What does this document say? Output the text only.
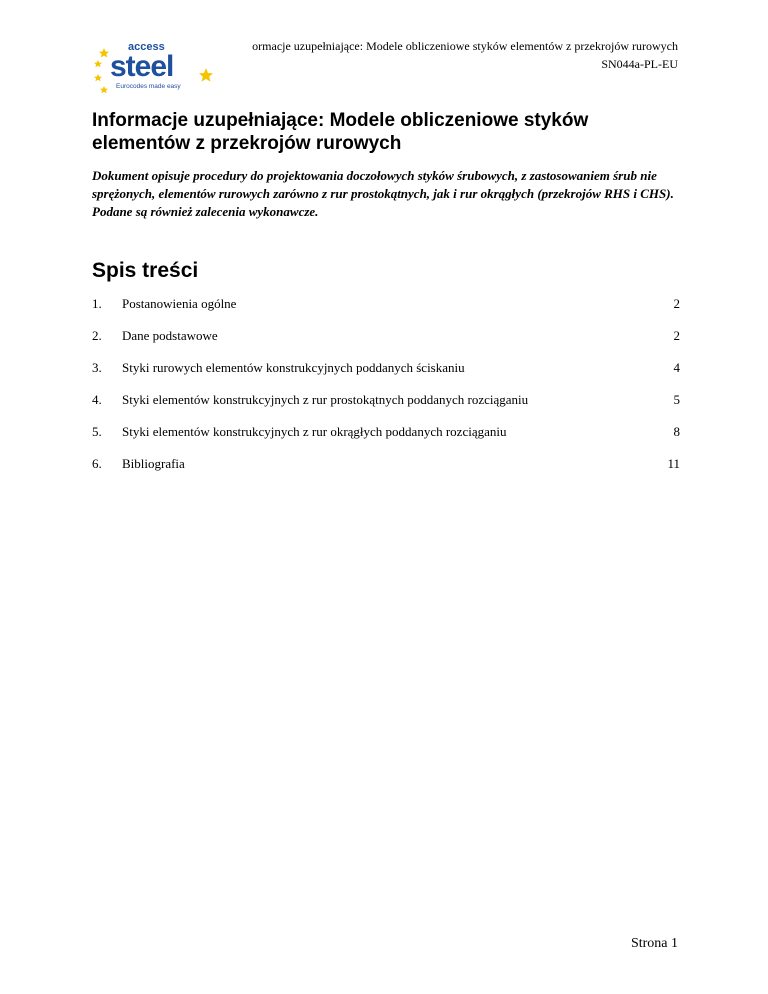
access
steel
Eurocodes made easy
ormacje uzupełniające: Modele obliczeniowe styków elementów z przekrojów rurowych
SN044a-PL-EU
Informacje uzupełniające: Modele obliczeniowe styków elementów z przekrojów rurowych

Dokument opisuje procedury do projektowania doczołowych styków śrubowych, z zastosowaniem śrub nie sprężonych, elementów rurowych zarówno z rur prostokątnych, jak i rur okrągłych (przekrojów RHS i CHS). Podane są również zalecenia wykonawcze.

Spis treści
1. Postanowienia ogólne	2
2. Dane podstawowe	2
3. Styki rurowych elementów konstrukcyjnych poddanych ściskaniu	4
4. Styki elementów konstrukcyjnych z rur prostokątnych poddanych rozciąganiu	5
5. Styki elementów konstrukcyjnych z rur okrągłych poddanych rozciąganiu	8
6. Bibliografia	11
Strona 1
